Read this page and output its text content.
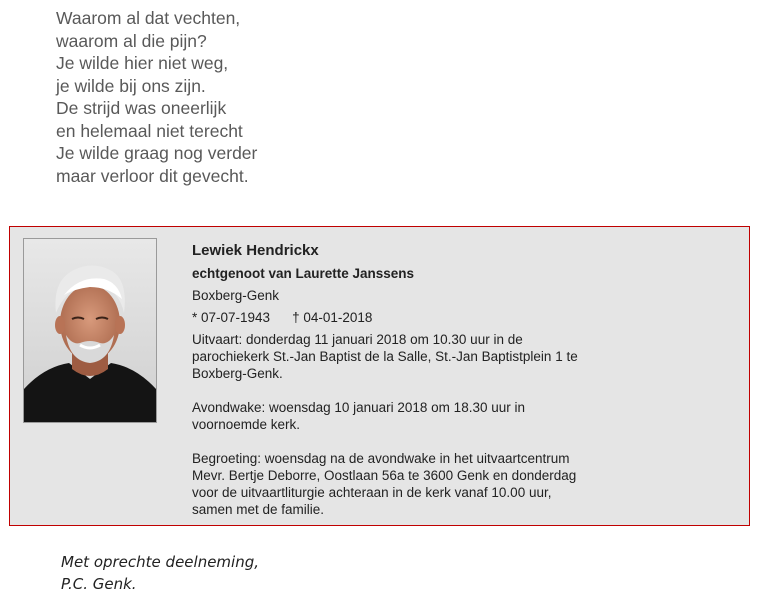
Waarom al dat vechten,
waarom al die pijn?
Je wilde hier niet weg,
je wilde bij ons zijn.
De strijd was oneerlijk
en helemaal niet terecht
Je wilde graag nog verder
maar verloor dit gevecht.
Lewiek Hendrickx
echtgenoot van Laurette Janssens
Boxberg-Genk
* 07-07-1943 † 04-01-2018
Uitvaart: donderdag 11 januari 2018 om 10.30 uur in de parochiekerk St.-Jan Baptist de la Salle, St.-Jan Baptistplein 1 te Boxberg-Genk.
Avondwake: woensdag 10 januari 2018 om 18.30 uur in voornoemde kerk.
Begroeting: woensdag na de avondwake in het uitvaartcentrum Mevr. Bertje Deborre, Oostlaan 56a te 3600 Genk en donderdag voor de uitvaartliturgie achteraan in de kerk vanaf 10.00 uur, samen met de familie.
Met oprechte deelneming,
P.C. Genk.
